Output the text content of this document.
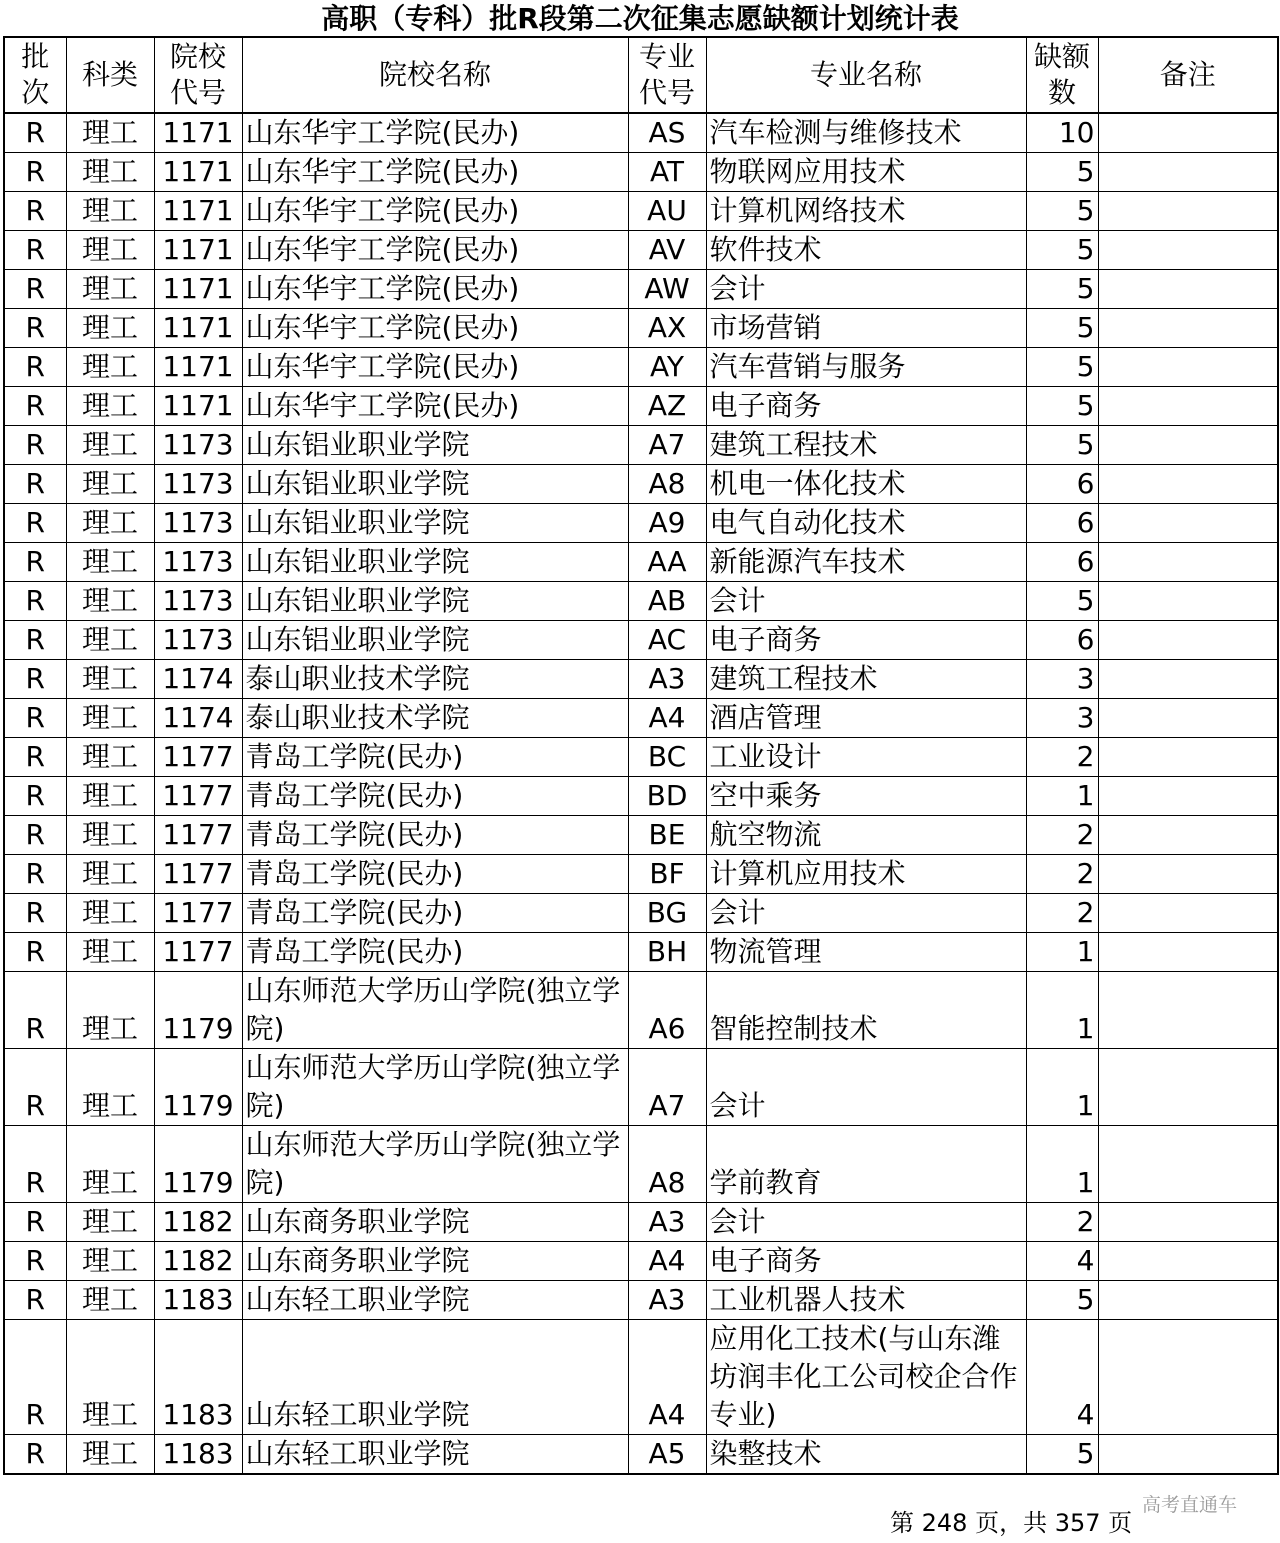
高职（专科）批R段第二次征集志愿缺额计划统计表
批次	科类	院校代号	院校名称	专业代号	专业名称	缺额数	备注
R	理工	1171	山东华宇工学院(民办)	AS	汽车检测与维修技术	10	
R	理工	1171	山东华宇工学院(民办)	AT	物联网应用技术	5	
R	理工	1171	山东华宇工学院(民办)	AU	计算机网络技术	5	
R	理工	1171	山东华宇工学院(民办)	AV	软件技术	5	
R	理工	1171	山东华宇工学院(民办)	AW	会计	5	
R	理工	1171	山东华宇工学院(民办)	AX	市场营销	5	
R	理工	1171	山东华宇工学院(民办)	AY	汽车营销与服务	5	
R	理工	1171	山东华宇工学院(民办)	AZ	电子商务	5	
R	理工	1173	山东铝业职业学院	A7	建筑工程技术	5	
R	理工	1173	山东铝业职业学院	A8	机电一体化技术	6	
R	理工	1173	山东铝业职业学院	A9	电气自动化技术	6	
R	理工	1173	山东铝业职业学院	AA	新能源汽车技术	6	
R	理工	1173	山东铝业职业学院	AB	会计	5	
R	理工	1173	山东铝业职业学院	AC	电子商务	6	
R	理工	1174	泰山职业技术学院	A3	建筑工程技术	3	
R	理工	1174	泰山职业技术学院	A4	酒店管理	3	
R	理工	1177	青岛工学院(民办)	BC	工业设计	2	
R	理工	1177	青岛工学院(民办)	BD	空中乘务	1	
R	理工	1177	青岛工学院(民办)	BE	航空物流	2	
R	理工	1177	青岛工学院(民办)	BF	计算机应用技术	2	
R	理工	1177	青岛工学院(民办)	BG	会计	2	
R	理工	1177	青岛工学院(民办)	BH	物流管理	1	
R	理工	1179	山东师范大学历山学院(独立学院)	A6	智能控制技术	1	
R	理工	1179	山东师范大学历山学院(独立学院)	A7	会计	1	
R	理工	1179	山东师范大学历山学院(独立学院)	A8	学前教育	1	
R	理工	1182	山东商务职业学院	A3	会计	2	
R	理工	1182	山东商务职业学院	A4	电子商务	4	
R	理工	1183	山东轻工职业学院	A3	工业机器人技术	5	
R	理工	1183	山东轻工职业学院	A4	应用化工技术(与山东潍坊润丰化工公司校企合作专业)	4	
R	理工	1183	山东轻工职业学院	A5	染整技术	5	
高考直通车
第 248 页，共 357 页
